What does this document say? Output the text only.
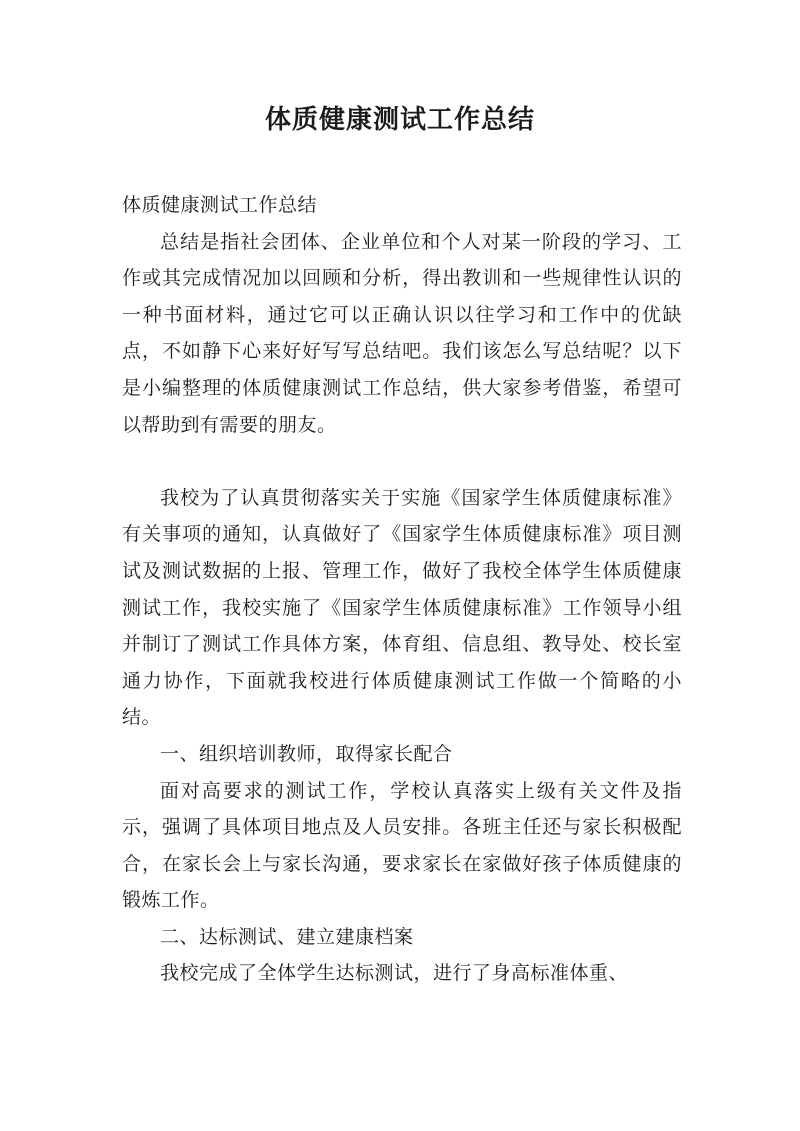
体质健康测试工作总结

体质健康测试工作总结

总结是指社会团体、企业单位和个人对某一阶段的学习、工作或其完成情况加以回顾和分析，得出教训和一些规律性认识的一种书面材料，通过它可以正确认识以往学习和工作中的优缺点，不如静下心来好好写写总结吧。我们该怎么写总结呢？以下是小编整理的体质健康测试工作总结，供大家参考借鉴，希望可以帮助到有需要的朋友。

我校为了认真贯彻落实关于实施《国家学生体质健康标准》有关事项的通知，认真做好了《国家学生体质健康标准》项目测试及测试数据的上报、管理工作，做好了我校全体学生体质健康测试工作，我校实施了《国家学生体质健康标准》工作领导小组并制订了测试工作具体方案，体育组、信息组、教导处、校长室通力协作，下面就我校进行体质健康测试工作做一个简略的小结。

一、组织培训教师，取得家长配合

面对高要求的测试工作，学校认真落实上级有关文件及指示，强调了具体项目地点及人员安排。各班主任还与家长积极配合，在家长会上与家长沟通，要求家长在家做好孩子体质健康的锻炼工作。

二、达标测试、建立建康档案

我校完成了全体学生达标测试，进行了身高标准体重、
